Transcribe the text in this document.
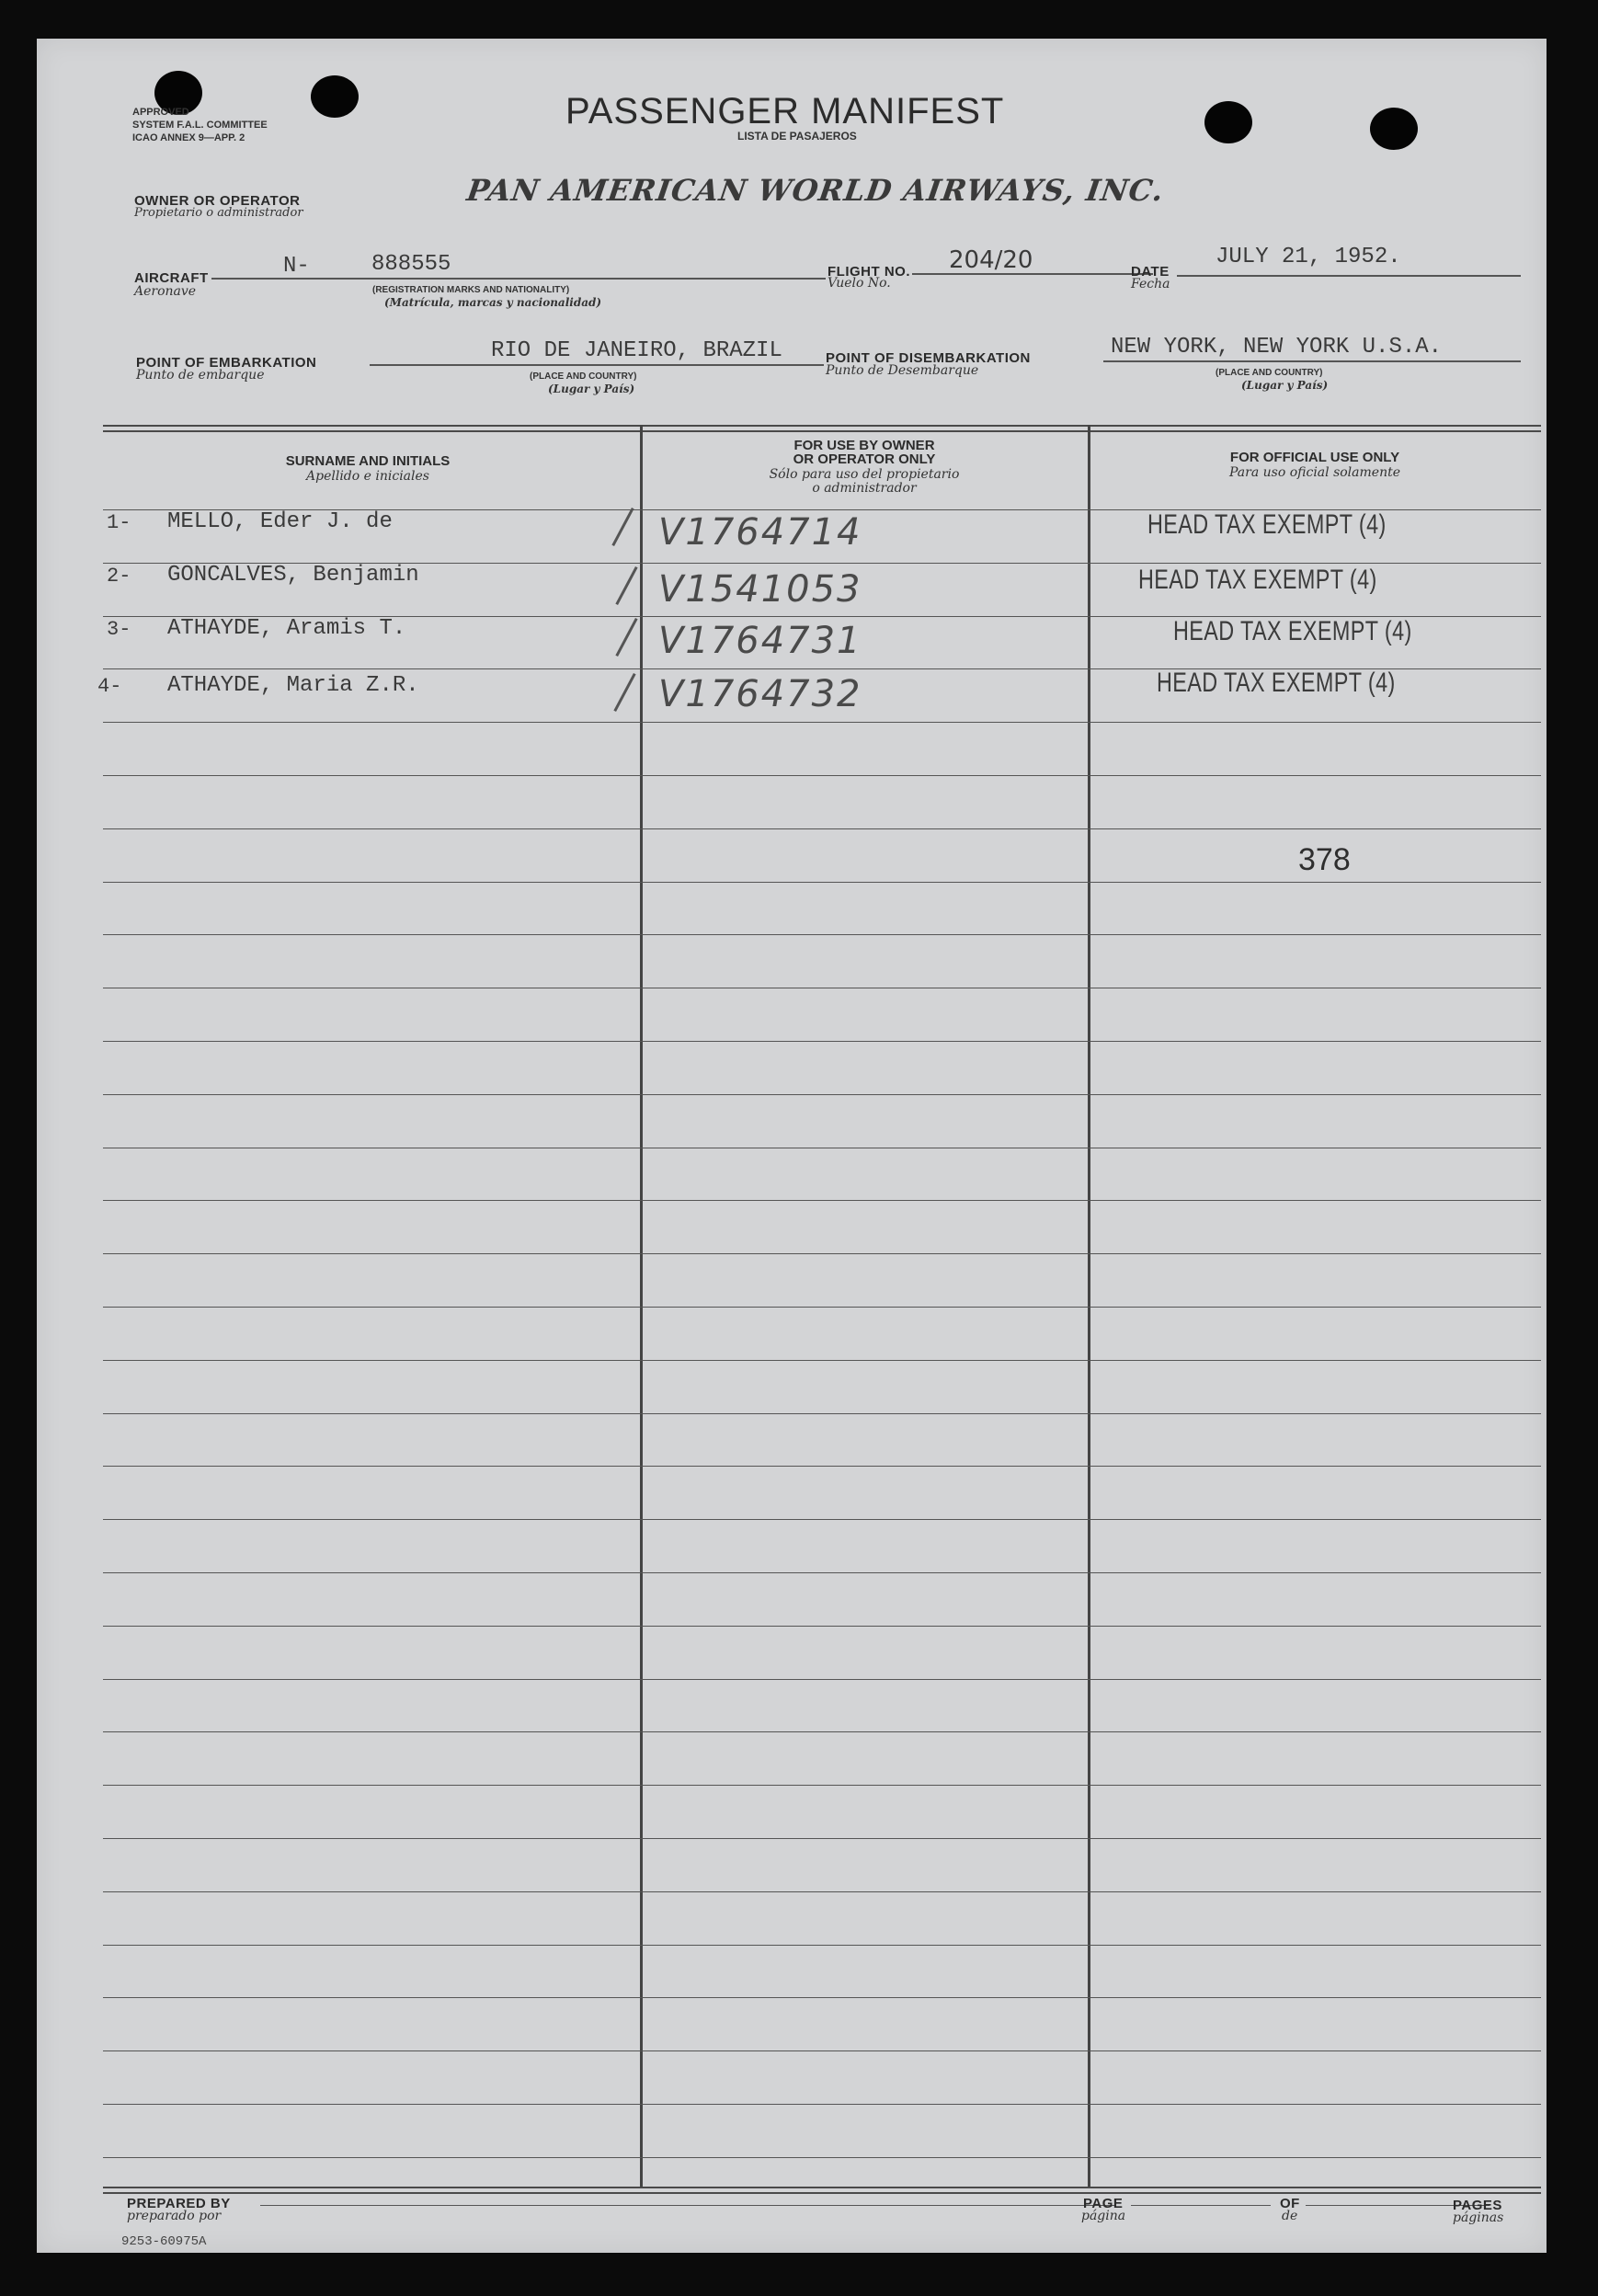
APPROVED
SYSTEM F.A.L. COMMITTEE
ICAO ANNEX 9—APP. 2
PASSENGER MANIFEST
LISTA DE PASAJEROS
OWNER OR OPERATOR
Propietario o administrador
PAN AMERICAN WORLD AIRWAYS, INC.
AIRCRAFT
Aeronave
N-	888555
(REGISTRATION MARKS AND NATIONALITY)
(Matrícula, marcas y nacionalidad)
FLIGHT NO.
Vuelo No.
204/20	DATE
Fecha
JULY 21, 1952.
POINT OF EMBARKATION
Punto de embarque
RIO DE JANEIRO, BRAZIL
(PLACE AND COUNTRY)
(Lugar y País)
POINT OF DISEMBARKATION
Punto de Desembarque
NEW YORK, NEW YORK U.S.A.
(PLACE AND COUNTRY)
(Lugar y País)
SURNAME AND INITIALS
Apellido e iniciales
FOR USE BY OWNER
OR OPERATOR ONLY
Sólo para uso del propietario
o administrador
FOR OFFICIAL USE ONLY
Para uso oficial solamente
1- MELLO, Eder J. de	V1764714	HEAD TAX EXEMPT (4)
2- GONCALVES, Benjamin	V1541053	HEAD TAX EXEMPT (4)
3- ATHAYDE, Aramis T.	V1764731	HEAD TAX EXEMPT (4)
4- ATHAYDE, Maria Z.R.	V1764732	HEAD TAX EXEMPT (4)
378
PREPARED BY
preparado por
PAGE
página
OF
de
PAGES
páginas
9253-60975A
